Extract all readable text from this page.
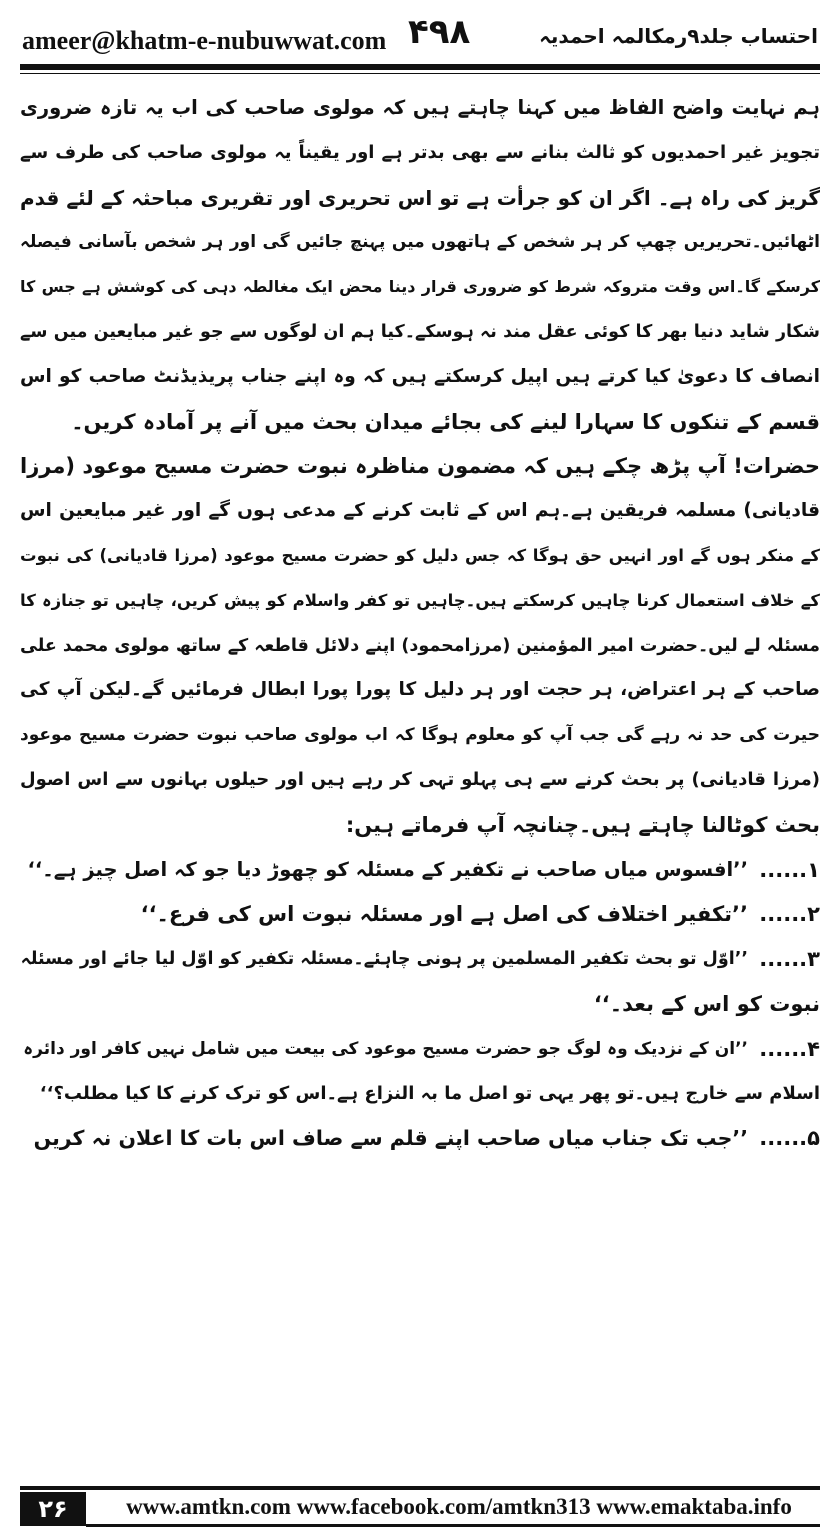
ameer@khatm-e-nubuwwat.com ۴۹۸	احتساب جلد۹رمکالمہ احمدیہ
ہم نہایت واضح الفاظ میں کہنا چاہتے ہیں کہ مولوی صاحب کی اب یہ تازہ ضروری
تجویز غیر احمدیوں کو ثالث بنانے سے بھی بدتر ہے اور یقیناً یہ مولوی صاحب کی طرف سے
گریز کی راہ ہے۔ اگر ان کو جرأت ہے تو اس تحریری اور تقریری مباحثہ کے لئے قدم
اٹھائیں۔تحریریں چھپ کر ہر شخص کے ہاتھوں میں پہنچ جائیں گی اور ہر شخص بآسانی فیصلہ
کرسکے گا۔اس وقت متروکہ شرط کو ضروری قرار دینا محض ایک مغالطہ دہی کی کوشش ہے جس کا
شکار شاید دنیا بھر کا کوئی عقل مند نہ ہوسکے۔کیا ہم ان لوگوں سے جو غیر مبایعین میں سے
انصاف کا دعویٰ کیا کرتے ہیں اپیل کرسکتے ہیں کہ وہ اپنے جناب پریذیڈنٹ صاحب کو اس
قسم کے تنکوں کا سہارا لینے کی بجائے میدان بحث میں آنے پر آمادہ کریں۔
حضرات! آپ پڑھ چکے ہیں کہ مضمون مناظرہ نبوت حضرت مسیح موعود (مرزا
قادیانی) مسلمہ فریقین ہے۔ہم اس کے ثابت کرنے کے مدعی ہوں گے اور غیر مبایعین اس
کے منکر ہوں گے اور انہیں حق ہوگا کہ جس دلیل کو حضرت مسیح موعود (مرزا قادیانی) کی نبوت
کے خلاف استعمال کرنا چاہیں کرسکتے ہیں۔چاہیں تو کفر واسلام کو پیش کریں، چاہیں تو جنازہ کا
مسئلہ لے لیں۔حضرت امیر المؤمنین (مرزامحمود) اپنے دلائل قاطعہ کے ساتھ مولوی محمد علی
صاحب کے ہر اعتراض، ہر حجت اور ہر دلیل کا پورا پورا ابطال فرمائیں گے۔لیکن آپ کی
حیرت کی حد نہ رہے گی جب آپ کو معلوم ہوگا کہ اب مولوی صاحب نبوت حضرت مسیح موعود
(مرزا قادیانی) پر بحث کرنے سے ہی پہلو تہی کر رہے ہیں اور حیلوں بہانوں سے اس اصول
بحث کوٹالنا چاہتے ہیں۔چنانچہ آپ فرماتے ہیں:
۱......
’’افسوس میاں صاحب نے تکفیر کے مسئلہ کو چھوڑ دیا جو کہ اصل چیز ہے۔‘‘
۲......
’’تکفیر اختلاف کی اصل ہے اور مسئلہ نبوت اس کی فرع۔‘‘
۳......
’’اوّل تو بحث تکفیر المسلمین پر ہونی چاہئے۔مسئلہ تکفیر کو اوّل لیا جائے اور مسئلہ
نبوت کو اس کے بعد۔‘‘
۴......
’’ان کے نزدیک وہ لوگ جو حضرت مسیح موعود کی بیعت میں شامل نہیں کافر اور دائرہ
اسلام سے خارج ہیں۔تو پھر یہی تو اصل ما بہ النزاع ہے۔اس کو ترک کرنے کا کیا مطلب؟‘‘
۵......
’’جب تک جناب میاں صاحب اپنے قلم سے صاف اس بات کا اعلان نہ کریں
۲۶	www.amtkn.com www.facebook.com/amtkn313 www.emaktaba.info
